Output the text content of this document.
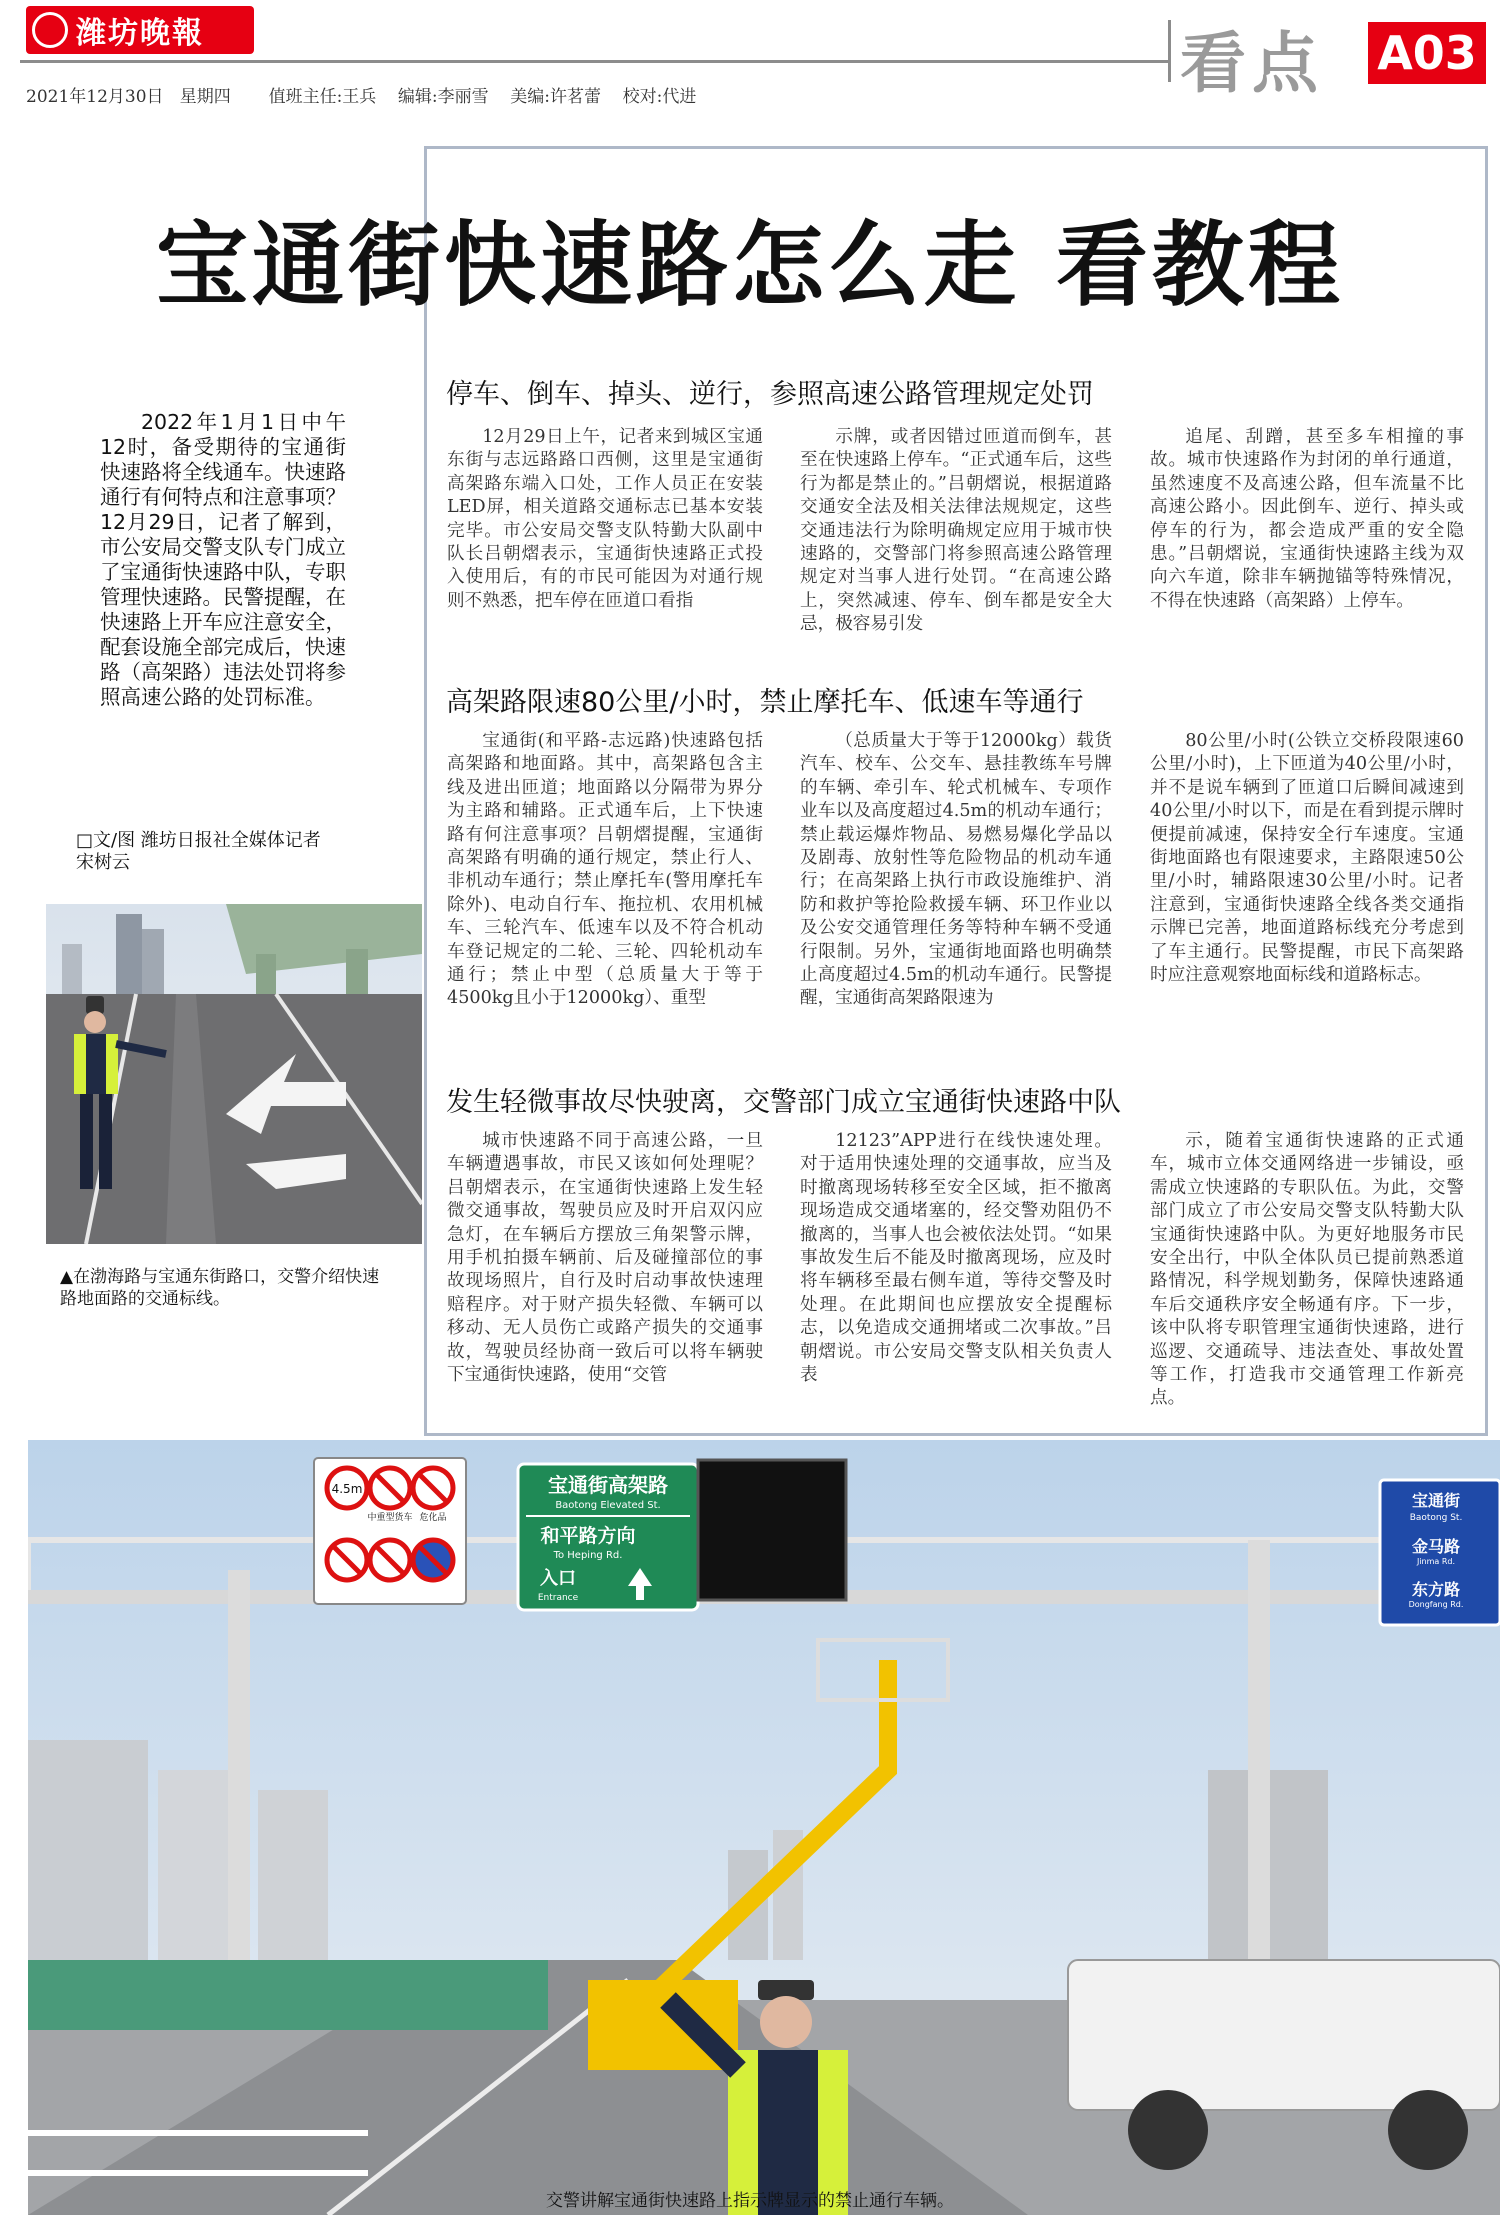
潍坊晚報	看点 A03
2021年12月30日   星期四       值班主任:王兵    编辑:李丽雪    美编:许茗蕾    校对:代进
宝通街快速路怎么走 看教程

2022年1月1日中午12时，备受期待的宝通街快速路将全线通车。快速路通行有何特点和注意事项？12月29日，记者了解到，市公安局交警支队专门成立了宝通街快速路中队，专职管理快速路。民警提醒，在快速路上开车应注意安全，配套设施全部完成后，快速路（高架路）违法处罚将参照高速公路的处罚标准。

□文/图 潍坊日报社全媒体记者
宋树云
停车、倒车、掉头、逆行，参照高速公路管理规定处罚

12月29日上午，记者来到城区宝通东街与志远路路口西侧，这里是宝通街高架路东端入口处，工作人员正在安装LED屏，相关道路交通标志已基本安装完毕。市公安局交警支队特勤大队副中队长吕朝熠表示，宝通街快速路正式投入使用后，有的市民可能因为对通行规则不熟悉，把车停在匝道口看指

示牌，或者因错过匝道而倒车，甚至在快速路上停车。“正式通车后，这些行为都是禁止的。”吕朝熠说，根据道路交通安全法及相关法律法规规定，这些交通违法行为除明确规定应用于城市快速路的，交警部门将参照高速公路管理规定对当事人进行处罚。“在高速公路上，突然减速、停车、倒车都是安全大忌，极容易引发

追尾、刮蹭，甚至多车相撞的事故。城市快速路作为封闭的单行通道，虽然速度不及高速公路，但车流量不比高速公路小。因此倒车、逆行、掉头或停车的行为，都会造成严重的安全隐患。”吕朝熠说，宝通街快速路主线为双向六车道，除非车辆抛锚等特殊情况，不得在快速路（高架路）上停车。

高架路限速80公里/小时，禁止摩托车、低速车等通行

宝通街(和平路-志远路)快速路包括高架路和地面路。其中，高架路包含主线及进出匝道；地面路以分隔带为界分为主路和辅路。正式通车后，上下快速路有何注意事项？吕朝熠提醒，宝通街高架路有明确的通行规定，禁止行人、非机动车通行；禁止摩托车(警用摩托车除外)、电动自行车、拖拉机、农用机械车、三轮汽车、低速车以及不符合机动车登记规定的二轮、三轮、四轮机动车通行；禁止中型（总质量大于等于4500kg且小于12000kg）、重型

（总质量大于等于12000kg）载货汽车、校车、公交车、悬挂教练车号牌的车辆、牵引车、轮式机械车、专项作业车以及高度超过4.5m的机动车通行；禁止载运爆炸物品、易燃易爆化学品以及剧毒、放射性等危险物品的机动车通行；在高架路上执行市政设施维护、消防和救护等抢险救援车辆、环卫作业以及公安交通管理任务等特种车辆不受通行限制。另外，宝通街地面路也明确禁止高度超过4.5m的机动车通行。民警提醒，宝通街高架路限速为

80公里/小时(公铁立交桥段限速60公里/小时)，上下匝道为40公里/小时，并不是说车辆到了匝道口后瞬间减速到40公里/小时以下，而是在看到提示牌时便提前减速，保持安全行车速度。宝通街地面路也有限速要求，主路限速50公里/小时，辅路限速30公里/小时。记者注意到，宝通街快速路全线各类交通指示牌已完善，地面道路标线充分考虑到了车主通行。民警提醒，市民下高架路时应注意观察地面标线和道路标志。

发生轻微事故尽快驶离，交警部门成立宝通街快速路中队

城市快速路不同于高速公路，一旦车辆遭遇事故，市民又该如何处理呢？吕朝熠表示，在宝通街快速路上发生轻微交通事故，驾驶员应及时开启双闪应急灯，在车辆后方摆放三角架警示牌，用手机拍摄车辆前、后及碰撞部位的事故现场照片，自行及时启动事故快速理赔程序。对于财产损失轻微、车辆可以移动、无人员伤亡或路产损失的交通事故，驾驶员经协商一致后可以将车辆驶下宝通街快速路，使用“交管

12123”APP进行在线快速处理。对于适用快速处理的交通事故，应当及时撤离现场转移至安全区域，拒不撤离现场造成交通堵塞的，经交警劝阻仍不撤离的，当事人也会被依法处罚。“如果事故发生后不能及时撤离现场，应及时将车辆移至最右侧车道，等待交警及时处理。在此期间也应摆放安全提醒标志，以免造成交通拥堵或二次事故。”吕朝熠说。市公安局交警支队相关负责人表

示，随着宝通街快速路的正式通车，城市立体交通网络进一步铺设，亟需成立快速路的专职队伍。为此，交警部门成立了市公安局交警支队特勤大队宝通街快速路中队。为更好地服务市民安全出行，中队全体队员已提前熟悉道路情况，科学规划勤务，保障快速路通车后交通秩序安全畅通有序。下一步，该中队将专职管理宝通街快速路，进行巡逻、交通疏导、违法查处、事故处置等工作，打造我市交通管理工作新亮点。

▲在渤海路与宝通东街路口，交警介绍快速路地面路的交通标线。
4.5m
中重型货车 危化品
宝通街高架路
Baotong Elevated St.
和平路方向
To Heping Rd.
入口
Entrance
宝通街
Baotong St.
金马路
Jinma Rd.
东方路
Dongfang Rd.
交警讲解宝通街快速路上指示牌显示的禁止通行车辆。
